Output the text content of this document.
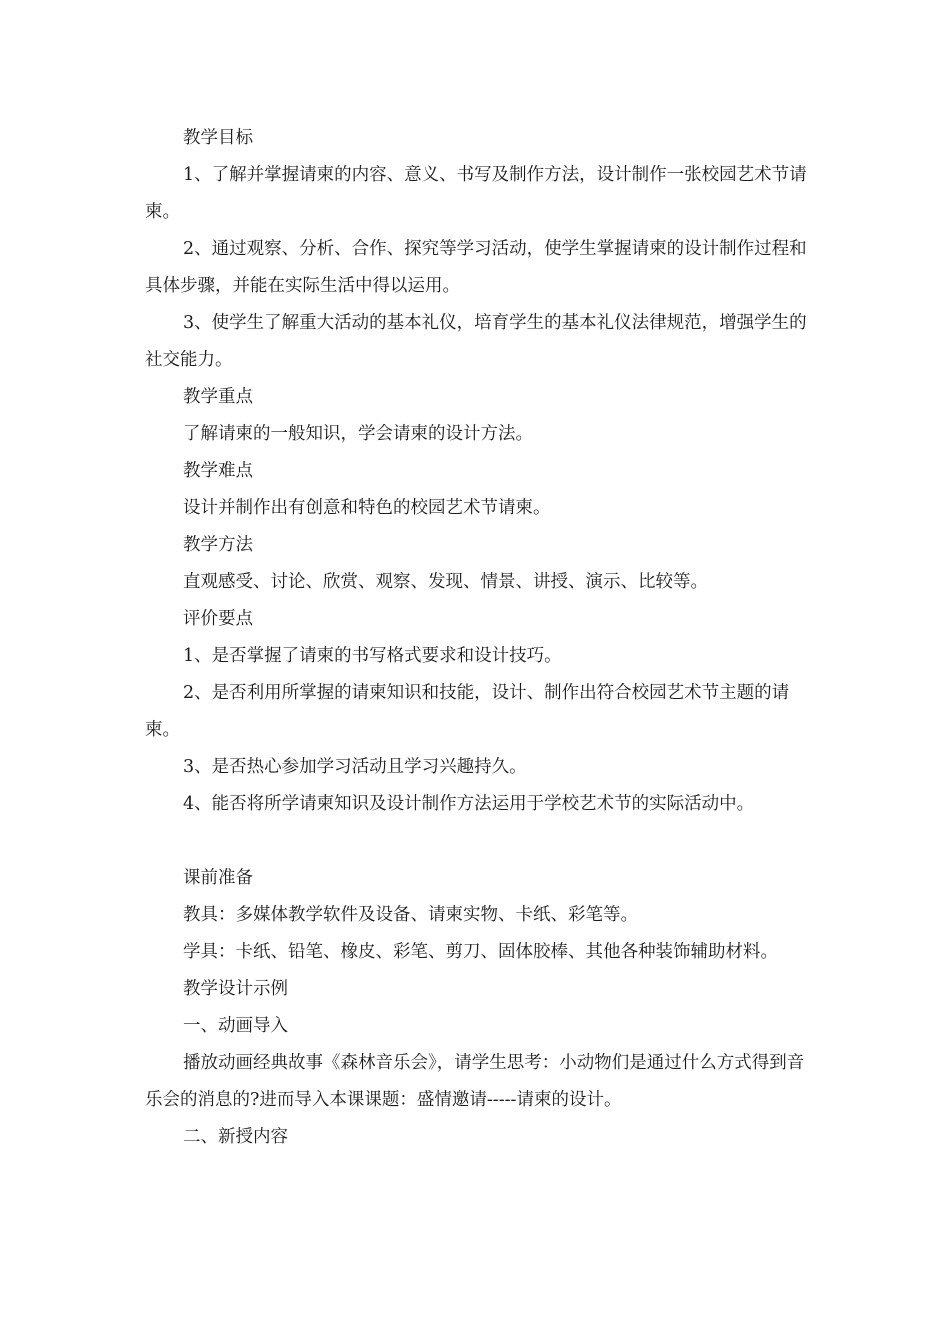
教学目标

1、了解并掌握请柬的内容、意义、书写及制作方法，设计制作一张校园艺术节请柬。

2、通过观察、分析、合作、探究等学习活动，使学生掌握请柬的设计制作过程和具体步骤，并能在实际生活中得以运用。

3、使学生了解重大活动的基本礼仪，培育学生的基本礼仪法律规范，增强学生的社交能力。

教学重点

了解请柬的一般知识，学会请柬的设计方法。

教学难点

设计并制作出有创意和特色的校园艺术节请柬。

教学方法

直观感受、讨论、欣赏、观察、发现、情景、讲授、演示、比较等。

评价要点

1、是否掌握了请柬的书写格式要求和设计技巧。

2、是否利用所掌握的请柬知识和技能，设计、制作出符合校园艺术节主题的请柬。

3、是否热心参加学习活动且学习兴趣持久。

4、能否将所学请柬知识及设计制作方法运用于学校艺术节的实际活动中。

课前准备

教具：多媒体教学软件及设备、请柬实物、卡纸、彩笔等。

学具：卡纸、铅笔、橡皮、彩笔、剪刀、固体胶棒、其他各种装饰辅助材料。

教学设计示例

一、动画导入

播放动画经典故事《森林音乐会》，请学生思考：小动物们是通过什么方式得到音乐会的消息的?进而导入本课课题：盛情邀请-----请柬的设计。

二、新授内容
